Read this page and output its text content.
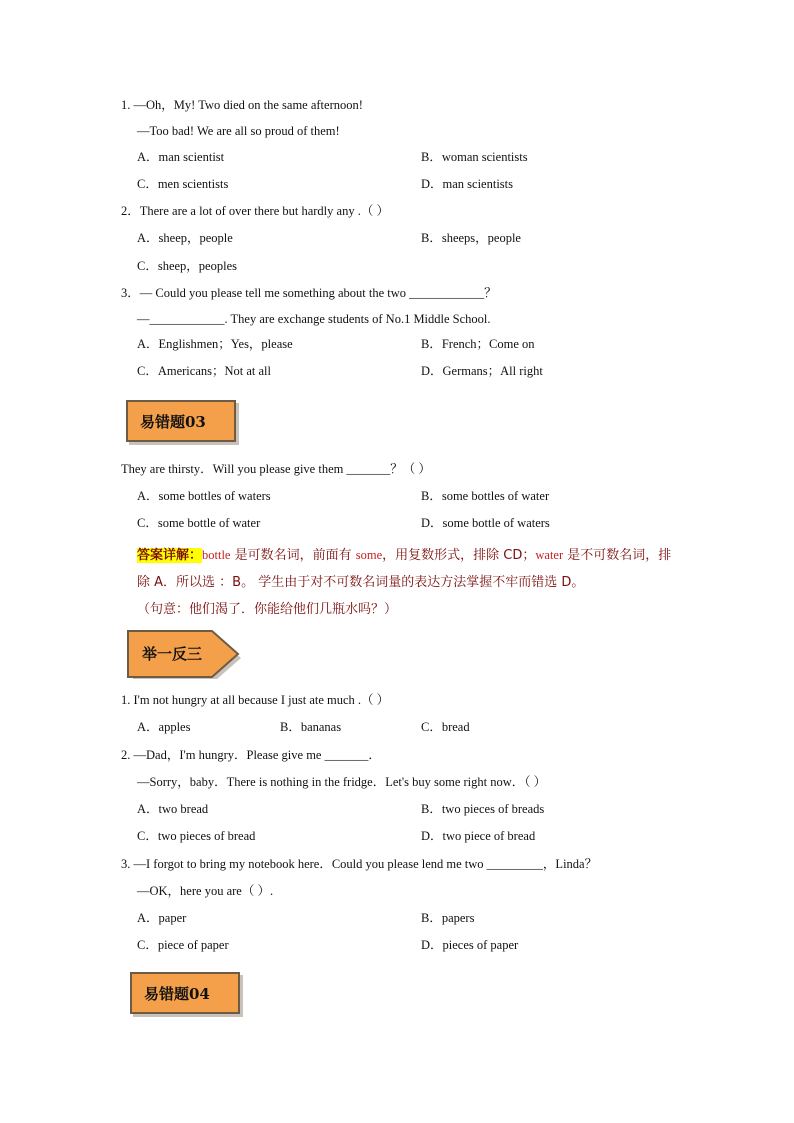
1. —Oh，My! Two died on the same afternoon!
—Too bad! We are all so proud of them!
A．man scientist	B．woman scientists
C．men scientists	D．man scientists
2．There are a lot of over there but hardly any .（ ）
A．sheep，people	B．sheeps，people
C．sheep，peoples
3．— Could you please tell me something about the two ____________？
—____________. They are exchange students of No.1 Middle School.
A．Englishmen；Yes，please	B．French；Come on
C．Americans；Not at all	D．Germans；All right
易错题03
They are thirsty．Will you please give them _______？（ ）
A．some bottles of waters	B．some bottles of water
C．some bottle of water	D．some bottle of waters
答案详解：bottle 是可数名词，前面有 some，用复数形式，排除 CD；water 是不可数名词，排除 A．所以选 ：B。 学生由于对不可数名词量的表达方法掌握不牢而错选 D。
（句意：他们渴了．你能给他们几瓶水吗？）
举一反三
1. I'm not hungry at all because I just ate much .（ ）
A．apples	B．bananas	C．bread
2. —Dad，I'm hungry．Please give me _______．
—Sorry，baby．There is nothing in the fridge．Let's buy some right now．（ ）
A．two bread	B．two pieces of breads
C．two pieces of bread	D．two piece of bread
3. —I forgot to bring my notebook here．Could you please lend me two _________，Linda？
—OK，here you are（ ）.
A．paper	B．papers
C．piece of paper	D．pieces of paper
易错题04
